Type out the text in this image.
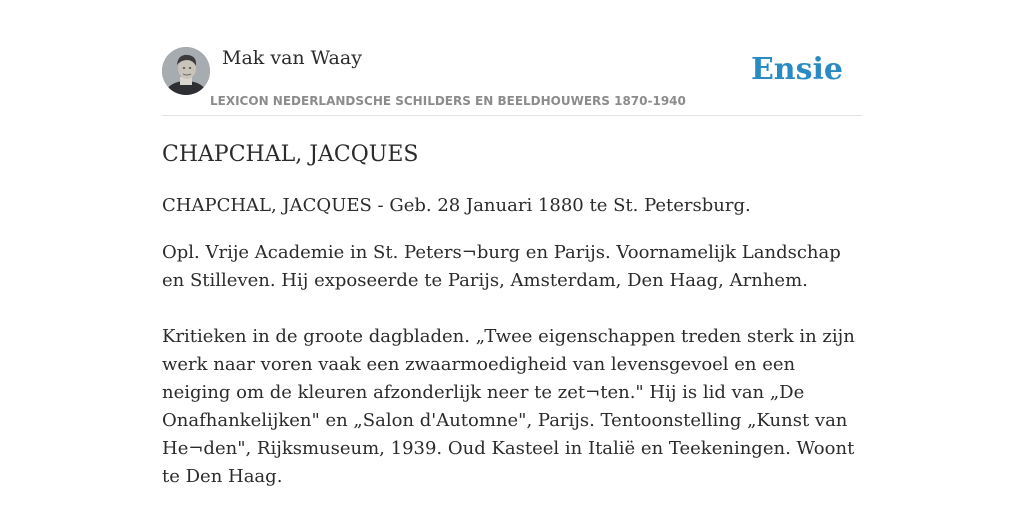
Mak van Waay
LEXICON NEDERLANDSCHE SCHILDERS EN BEELDHOUWERS 1870-1940
Ensie
CHAPCHAL, JACQUES

CHAPCHAL, JACQUES - Geb. 28 Januari 1880 te St. Petersburg.

Opl. Vrije Academie in St. Peters¬burg en Parijs. Voornamelijk Landschap en Stilleven. Hij exposeerde te Parijs, Amsterdam, Den Haag, Arnhem.

Kritieken in de groote dagbladen. „Twee eigenschappen treden sterk in zijn werk naar voren vaak een zwaarmoedigheid van levensgevoel en een neiging om de kleuren afzonderlijk neer te zet¬ten." Hij is lid van „De Onafhankelijken" en „Salon d'Automne", Parijs. Tentoonstelling „Kunst van He¬den", Rijksmuseum, 1939. Oud Kasteel in Italië en Teekeningen. Woont te Den Haag.
